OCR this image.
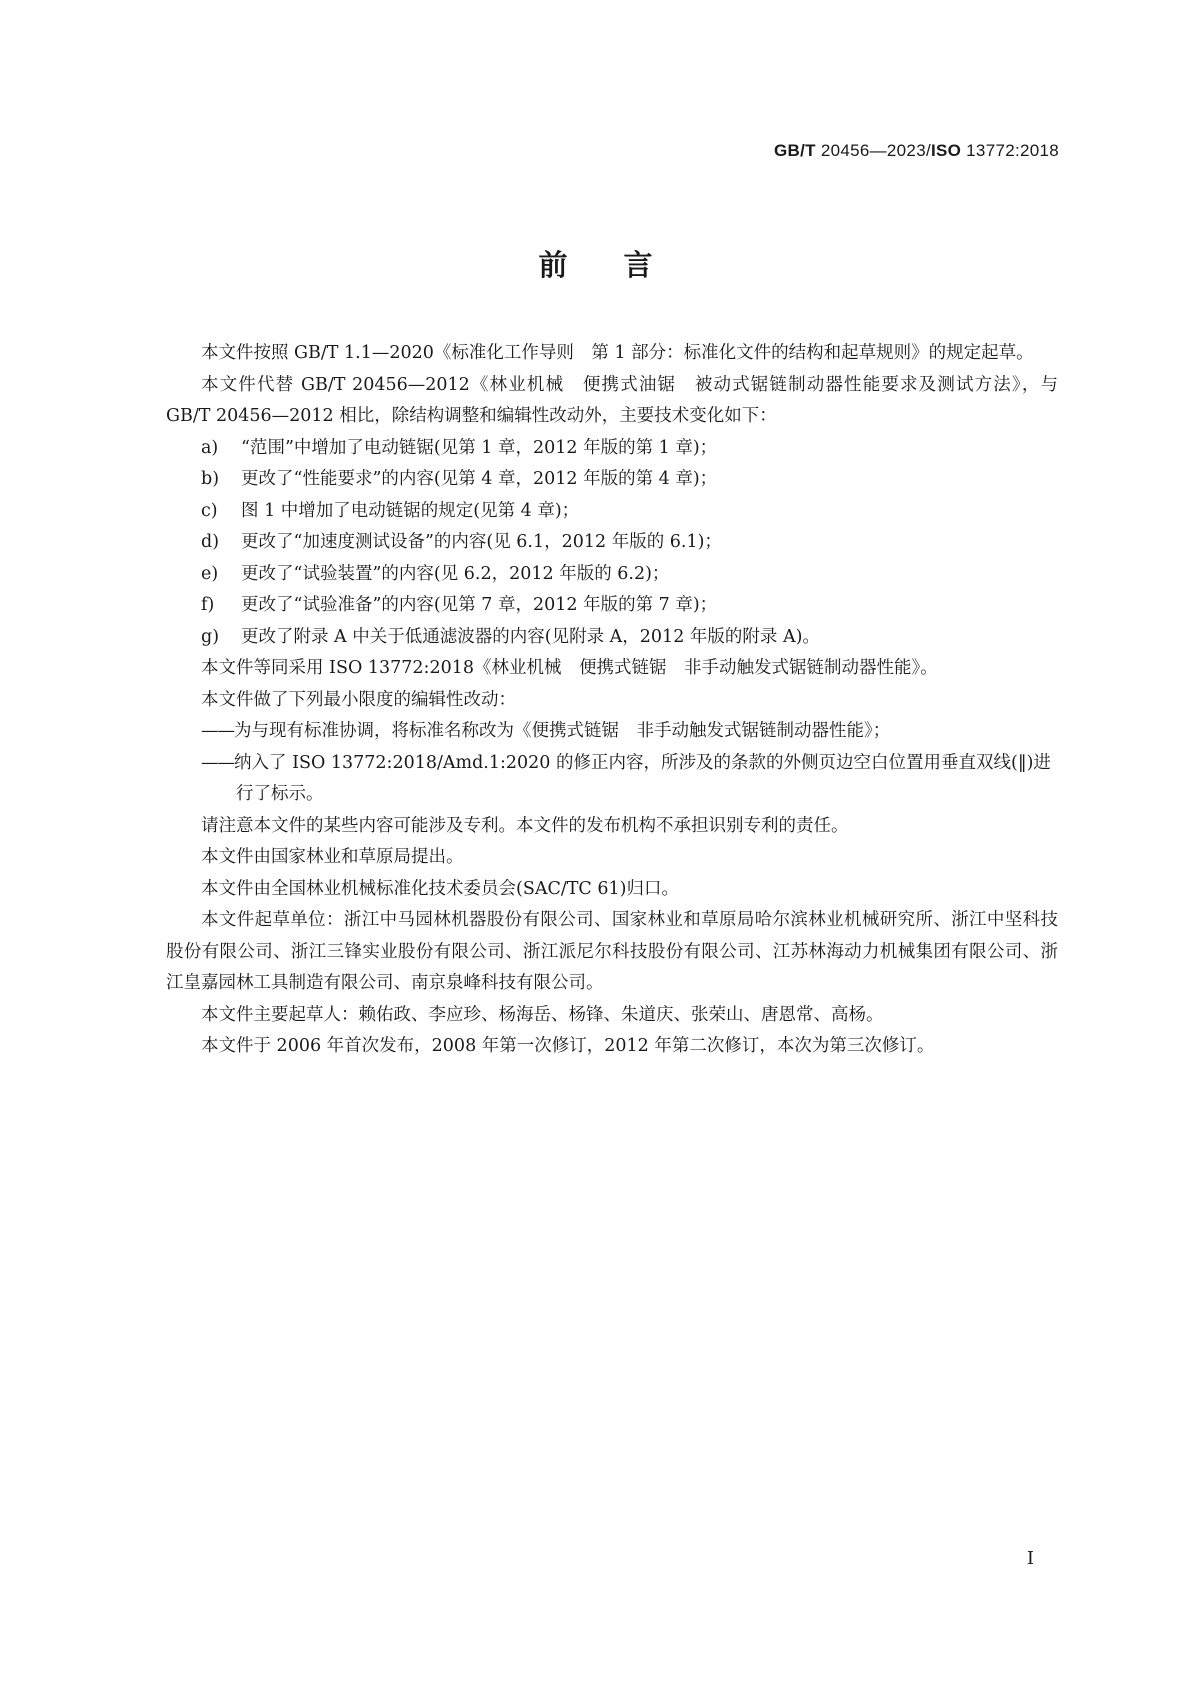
GB/T 20456—2023/ISO 13772:2018
前言

本文件按照 GB/T 1.1—2020《标准化工作导则　第 1 部分：标准化文件的结构和起草规则》的规定起草。

本文件代替 GB/T 20456—2012《林业机械　便携式油锯　被动式锯链制动器性能要求及测试方法》，与 GB/T 20456—2012 相比，除结构调整和编辑性改动外，主要技术变化如下：

a) “范围”中增加了电动链锯(见第 1 章，2012 年版的第 1 章)；

b) 更改了“性能要求”的内容(见第 4 章，2012 年版的第 4 章)；

c) 图 1 中增加了电动链锯的规定(见第 4 章)；

d) 更改了“加速度测试设备”的内容(见 6.1，2012 年版的 6.1)；

e) 更改了“试验装置”的内容(见 6.2，2012 年版的 6.2)；

f) 更改了“试验准备”的内容(见第 7 章，2012 年版的第 7 章)；

g) 更改了附录 A 中关于低通滤波器的内容(见附录 A，2012 年版的附录 A)。

本文件等同采用 ISO 13772:2018《林业机械　便携式链锯　非手动触发式锯链制动器性能》。

本文件做了下列最小限度的编辑性改动：

——为与现有标准协调，将标准名称改为《便携式链锯　非手动触发式锯链制动器性能》；

——纳入了 ISO 13772:2018/Amd.1:2020 的修正内容，所涉及的条款的外侧页边空白位置用垂直双线(‖)进行了标示。

请注意本文件的某些内容可能涉及专利。本文件的发布机构不承担识别专利的责任。

本文件由国家林业和草原局提出。

本文件由全国林业机械标准化技术委员会(SAC/TC 61)归口。

本文件起草单位：浙江中马园林机器股份有限公司、国家林业和草原局哈尔滨林业机械研究所、浙江中坚科技股份有限公司、浙江三锋实业股份有限公司、浙江派尼尔科技股份有限公司、江苏林海动力机械集团有限公司、浙江皇嘉园林工具制造有限公司、南京泉峰科技有限公司。

本文件主要起草人：赖佑政、李应珍、杨海岳、杨锋、朱道庆、张荣山、唐恩常、高杨。

本文件于 2006 年首次发布，2008 年第一次修订，2012 年第二次修订，本次为第三次修订。

I
